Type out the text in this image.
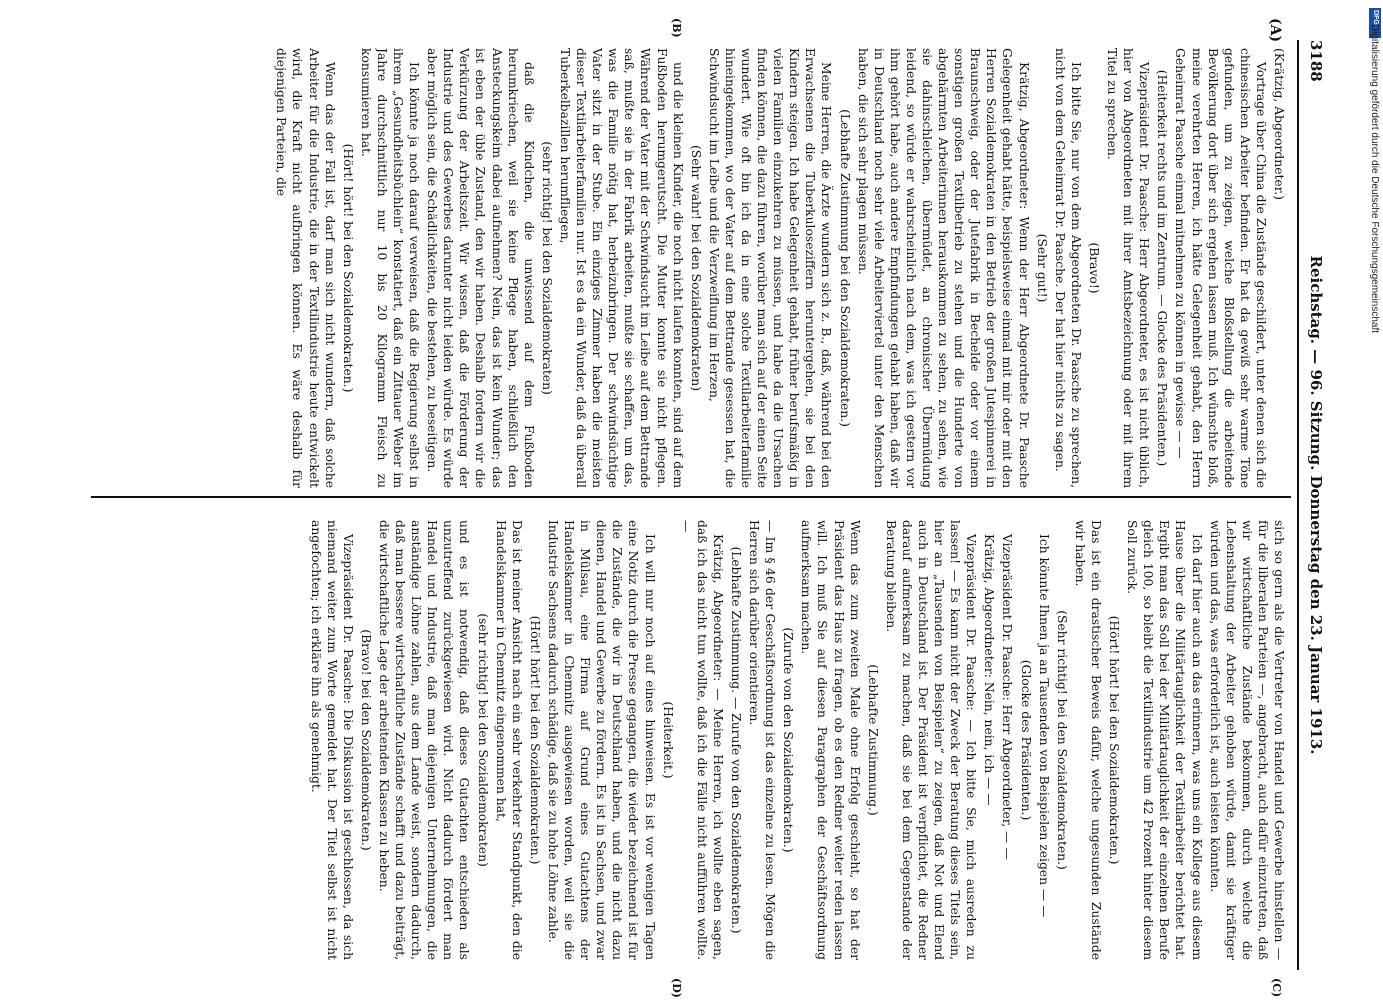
3188
Reichstag. — 96. Sitzung. Donnerstag den 23. Januar 1913.
(A)
(B)
(C)
(D)

(Krätzig, Abgeordneter.)

Vortrage über China die Zustände geschildert, unter denen sich die chinesischen Arbeiter befinden. Er hat da gewiß sehr warme Töne gefunden, um zu zeigen, welche Bloßstellung die arbeitende Bevölkerung dort über sich ergehen lassen muß. Ich wünschte bloß, meine verehrten Herren, ich hätte Gelegenheit gehabt, den Herrn Geheimrat Paasche einmal mitnehmen zu können in gewisse — —

(Heiterkeit rechts und im Zentrum. — Glocke des Präsidenten.)

Vizepräsident Dr. Paasche: Herr Abgeordneter, es ist nicht üblich, hier von Abgeordneten mit ihrer Amtsbezeichnung oder mit ihrem Titel zu sprechen.

(Bravo!)

Ich bitte Sie, nur von dem Abgeordneten Dr. Paasche zu sprechen, nicht von dem Geheimrat Dr. Paasche. Der hat hier nichts zu sagen.

(Sehr gut!)

Krätzig, Abgeordneter: Wenn der Herr Abgeordnete Dr. Paasche Gelegenheit gehabt hätte, beispielsweise einmal mit mir oder mit den Herren Sozialdemokraten in den Betrieb der großen Jutespinnerei in Braunschweig, oder der Jutefabrik in Bechelde oder vor einem sonstigen großen Textilbetrieb zu stehen und die Hunderte von abgehärmten Arbeiterinnen herauskommen zu sehen, zu sehen, wie sie dahinschleichen, übermüdet, an chronischer Übermüdung leidend, so würde er wahrscheinlich nach dem, was ich gestern vor ihm gehört habe, auch andere Empfindungen gehabt haben, daß wir in Deutschland noch sehr viele Arbeiterviertel unter den Menschen haben, die sich sehr plagen müssen.

(Lebhafte Zustimmung bei den Sozialdemokraten.)

Meine Herren, die Ärzte wundern sich z. B., daß, während bei den Erwachsenen die Tuberkuloseziffern heruntergehen, sie bei den Kindern steigen. Ich habe Gelegenheit gehabt, früher berufsmäßig in vielen Familien einzukehren zu müssen, und habe da die Ursachen finden können, die dazu führen, worüber man sich auf der einen Seite wundert. Wie oft bin ich da in eine solche Textilarbeiterfamilie hineingekommen, wo der Vater auf dem Bettrande gesessen hat, die Schwindsucht im Leibe und die Verzweiflung im Herzen,

(Sehr wahr! bei den Sozialdemokraten)

und die kleinen Kinder, die noch nicht laufen konnten, sind auf dem Fußboden herumgerutscht. Die Mutter konnte sie nicht pflegen. Während der Vater mit der Schwindsucht im Leibe auf dem Bettrande saß, mußte sie in der Fabrik arbeiten, mußte sie schaffen, um das, was die Familie nötig hat, herbeizubringen. Der schwindsüchtige Vater sitzt in der Stube. Ein einziges Zimmer haben die meisten dieser Textilarbeiterfamilien nur. Ist es da ein Wunder, daß da überall Tuberkelbazillen herumfliegen,

(sehr richtig! bei den Sozialdemokraten)

daß die Kindchen, die unwissend auf dem Fußboden herumkriechen, weil sie keine Pflege haben, schließlich den Ansteckungskeim dabei aufnehmen? Nein, das ist kein Wunder; das ist eben der üble Zustand, den wir haben. Deshalb fordern wir die Verkürzung der Arbeitszeit. Wir wissen, daß die Förderung der Industrie und des Gewerbes darunter nicht leiden würde. Es würde aber möglich sein, die Schädlichkeiten, die bestehen, zu beseitigen.

Ich könnte ja noch darauf verweisen, daß die Regierung selbst in ihrem „Gesundheitsbüchlein“ konstatiert, daß ein Zittauer Weber im Jahre durchschnittlich nur 10 bis 20 Kilogramm Fleisch zu konsumieren hat.

(Hört! hört! bei den Sozialdemokraten.)

Wenn das der Fall ist, darf man sich nicht wundern, daß solche Arbeiter für die Industrie, die in der Textilindustrie heute entwickelt wird, die Kraft nicht aufbringen können. Es wäre deshalb für diejenigen Parteien, die

sich so gern als die Vertreter von Handel und Gewerbe hinstellen — für die liberalen Parteien —, angebracht, auch dafür einzutreten, daß wir wirtschaftliche Zustände bekommen, durch welche die Lebenshaltung der Arbeiter gehoben würde, damit sie kräftiger würden und das, was erforderlich ist, auch leisten könnten.

Ich darf hier auch an das erinnern, was uns ein Kollege aus diesem Hause über die Militärtauglichkeit der Textilarbeiter berichtet hat. Ergibt man das Soll bei der Militärtauglichkeit der einzelnen Berufe gleich 100, so bleibt die Textilindustrie um 42 Prozent hinter diesem Soll zurück.

(Hört! hört! bei den Sozialdemokraten.)

Das ist ein drastischer Beweis dafür, welche ungesunden Zustände wir haben.

(Sehr richtig! bei den Sozialdemokraten.)

Ich könnte Ihnen ja an Tausenden von Beispielen zeigen — —

(Glocke des Präsidenten.)

Vizepräsident Dr. Paasche: Herr Abgeordneter, — —

Krätzig, Abgeordneter: Nein, nein, ich — —

Vizepräsident Dr. Paasche: — Ich bitte Sie, mich ausreden zu lassen! — Es kann nicht der Zweck der Beratung dieses Titels sein, hier an „Tausenden von Beispielen“ zu zeigen, daß Not und Elend auch in Deutschland ist. Der Präsident ist verpflichtet, die Redner darauf aufmerksam zu machen, daß sie bei dem Gegenstande der Beratung bleiben.

(Lebhafte Zustimmung.)

Wenn das zum zweiten Male ohne Erfolg geschieht, so hat der Präsident das Haus zu fragen, ob es den Redner weiter reden lassen will. Ich muß Sie auf diesen Paragraphen der Geschäftsordnung aufmerksam machen.

(Zurufe von den Sozialdemokraten.)

— Im § 46 der Geschäftsordnung ist das einzelne zu lesen. Mögen die Herren sich darüber orientieren.

(Lebhafte Zustimmung. — Zurufe von den Sozialdemokraten.)

Krätzig, Abgeordneter: — Meine Herren, ich wollte eben sagen, daß ich das nicht tun wollte, daß ich die Fälle nicht aufführen wollte. —

(Heiterkeit.)

Ich will nur noch auf eines hinweisen. Es ist vor wenigen Tagen eine Notiz durch die Presse gegangen, die wieder bezeichnend ist für die Zustände, die wir in Deutschland haben, und die nicht dazu dienen, Handel und Gewerbe zu fördern. Es ist in Sachsen, und zwar in Mülsau, eine Firma auf Grund eines Gutachtens der Handelskammer in Chemnitz ausgewiesen worden, weil sie die Industrie Sachsens dadurch schädige, daß sie zu hohe Löhne zahle.

(Hört! hört! bei den Sozialdemokraten.)

Das ist meiner Ansicht nach ein sehr verkehrter Standpunkt, den die Handelskammer in Chemnitz eingenommen hat,

(sehr richtig! bei den Sozialdemokraten)

und es ist notwendig, daß dieses Gutachten entschieden als unzutreffend zurückgewiesen wird. Nicht dadurch fördert man Handel und Industrie, daß man diejenigen Unternehmungen, die anständige Löhne zahlen, aus dem Lande weist, sondern dadurch, daß man bessere wirtschaftliche Zustände schafft und dazu beiträgt, die wirtschaftliche Lage der arbeitenden Klassen zu heben.

(Bravo! bei den Sozialdemokraten.)

Vizepräsident Dr. Paasche: Die Diskussion ist geschlossen, da sich niemand weiter zum Worte gemeldet hat. Der Titel selbst ist nicht angefochten; ich erkläre ihn als genehmigt.

DFG
Digitalisierung gefördert durch die Deutsche Forschungsgemeinschaft
